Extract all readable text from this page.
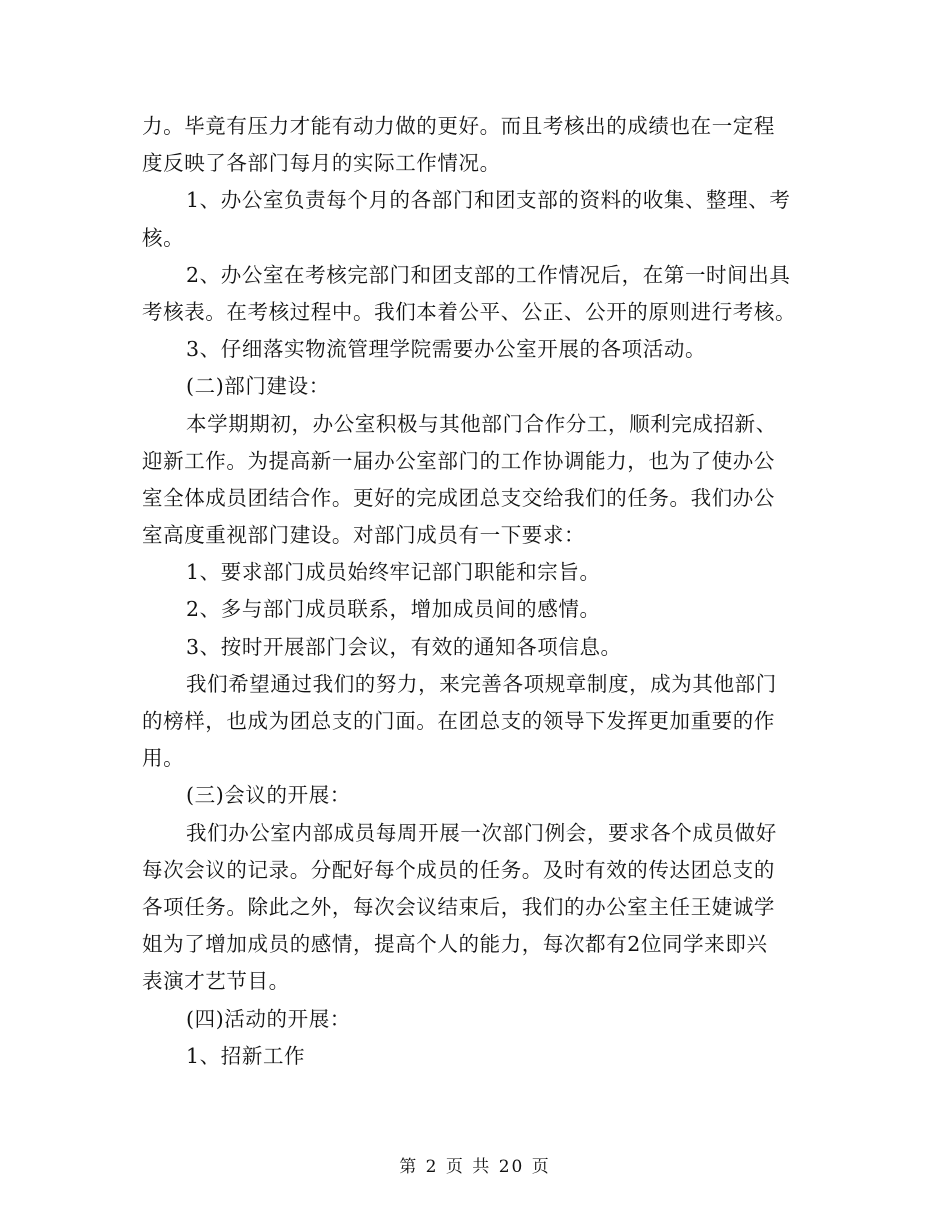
力。毕竟有压力才能有动力做的更好。而且考核出的成绩也在一定程
度反映了各部门每月的实际工作情况。
1、办公室负责每个月的各部门和团支部的资料的收集、整理、考
核。
2、办公室在考核完部门和团支部的工作情况后，在第一时间出具
考核表。在考核过程中。我们本着公平、公正、公开的原则进行考核。
3、仔细落实物流管理学院需要办公室开展的各项活动。
(二)部门建设：
本学期期初，办公室积极与其他部门合作分工，顺利完成招新、
迎新工作。为提高新一届办公室部门的工作协调能力，也为了使办公
室全体成员团结合作。更好的完成团总支交给我们的任务。我们办公
室高度重视部门建设。对部门成员有一下要求：
1、要求部门成员始终牢记部门职能和宗旨。
2、多与部门成员联系，增加成员间的感情。
3、按时开展部门会议，有效的通知各项信息。
我们希望通过我们的努力，来完善各项规章制度，成为其他部门
的榜样，也成为团总支的门面。在团总支的领导下发挥更加重要的作
用。
(三)会议的开展：
我们办公室内部成员每周开展一次部门例会，要求各个成员做好
每次会议的记录。分配好每个成员的任务。及时有效的传达团总支的
各项任务。除此之外，每次会议结束后，我们的办公室主任王婕诚学
姐为了增加成员的感情，提高个人的能力，每次都有2位同学来即兴
表演才艺节目。
(四)活动的开展：
1、招新工作
第 2 页 共 20 页
